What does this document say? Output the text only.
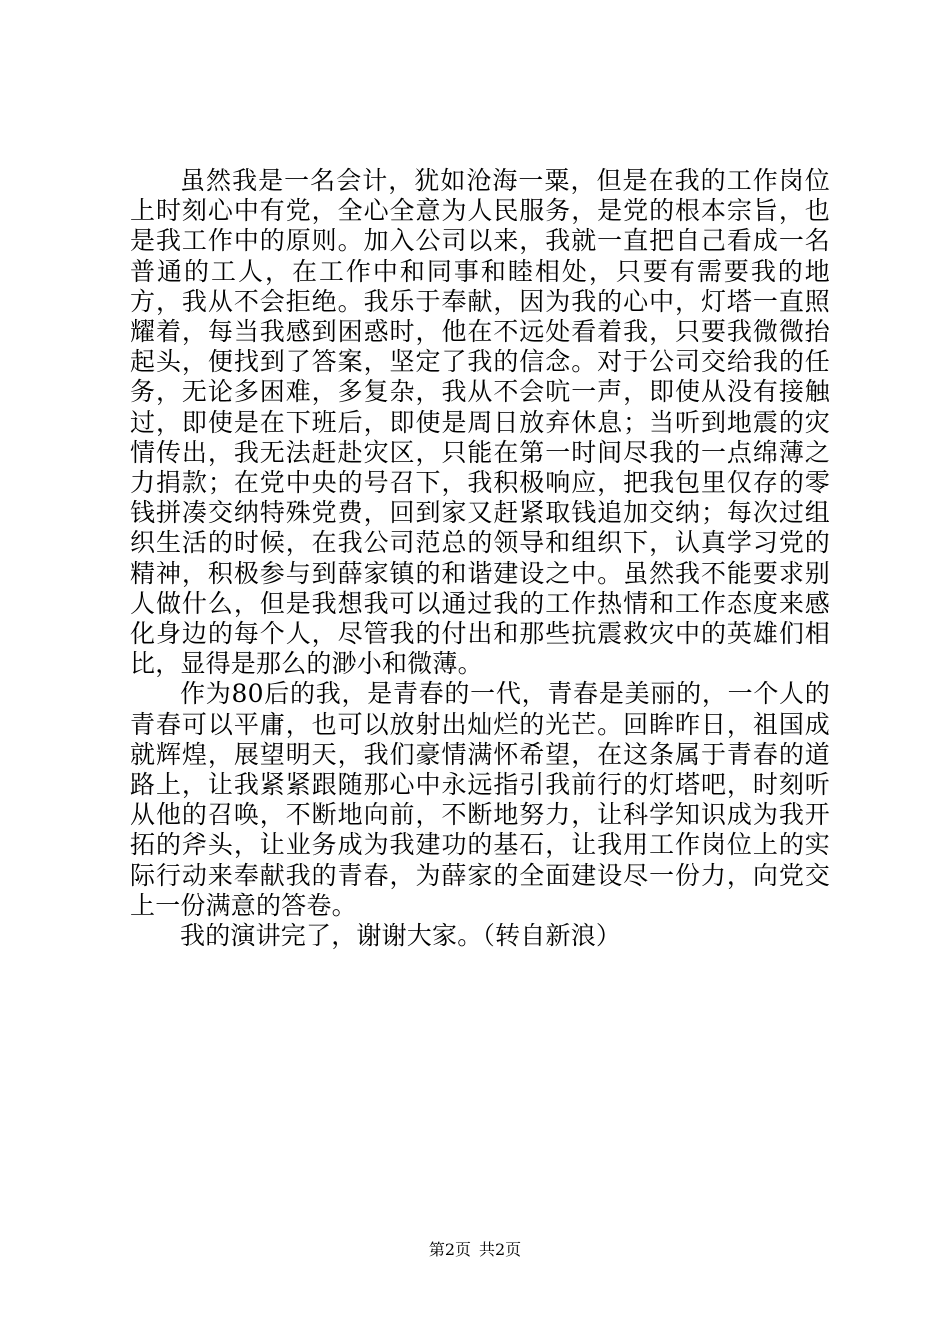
虽然我是一名会计，犹如沧海一粟，但是在我的工作岗位上时刻心中有党，全心全意为人民服务，是党的根本宗旨，也是我工作中的原则。加入公司以来，我就一直把自己看成一名普通的工人，在工作中和同事和睦相处，只要有需要我的地方，我从不会拒绝。我乐于奉献，因为我的心中，灯塔一直照耀着，每当我感到困惑时，他在不远处看着我，只要我微微抬起头，便找到了答案，坚定了我的信念。对于公司交给我的任务，无论多困难，多复杂，我从不会吭一声，即使从没有接触过，即使是在下班后，即使是周日放弃休息；当听到地震的灾情传出，我无法赶赴灾区，只能在第一时间尽我的一点绵薄之力捐款；在党中央的号召下，我积极响应，把我包里仅存的零钱拼凑交纳特殊党费，回到家又赶紧取钱追加交纳；每次过组织生活的时候，在我公司范总的领导和组织下，认真学习党的精神，积极参与到薛家镇的和谐建设之中。虽然我不能要求别人做什么，但是我想我可以通过我的工作热情和工作态度来感化身边的每个人，尽管我的付出和那些抗震救灾中的英雄们相比，显得是那么的渺小和微薄。

作为80后的我，是青春的一代，青春是美丽的，一个人的青春可以平庸，也可以放射出灿烂的光芒。回眸昨日，祖国成就辉煌，展望明天，我们豪情满怀希望，在这条属于青春的道路上，让我紧紧跟随那心中永远指引我前行的灯塔吧，时刻听从他的召唤，不断地向前，不断地努力，让科学知识成为我开拓的斧头，让业务成为我建功的基石，让我用工作岗位上的实际行动来奉献我的青春，为薛家的全面建设尽一份力，向党交上一份满意的答卷。

我的演讲完了，谢谢大家。（转自新浪）

第2页 共2页
